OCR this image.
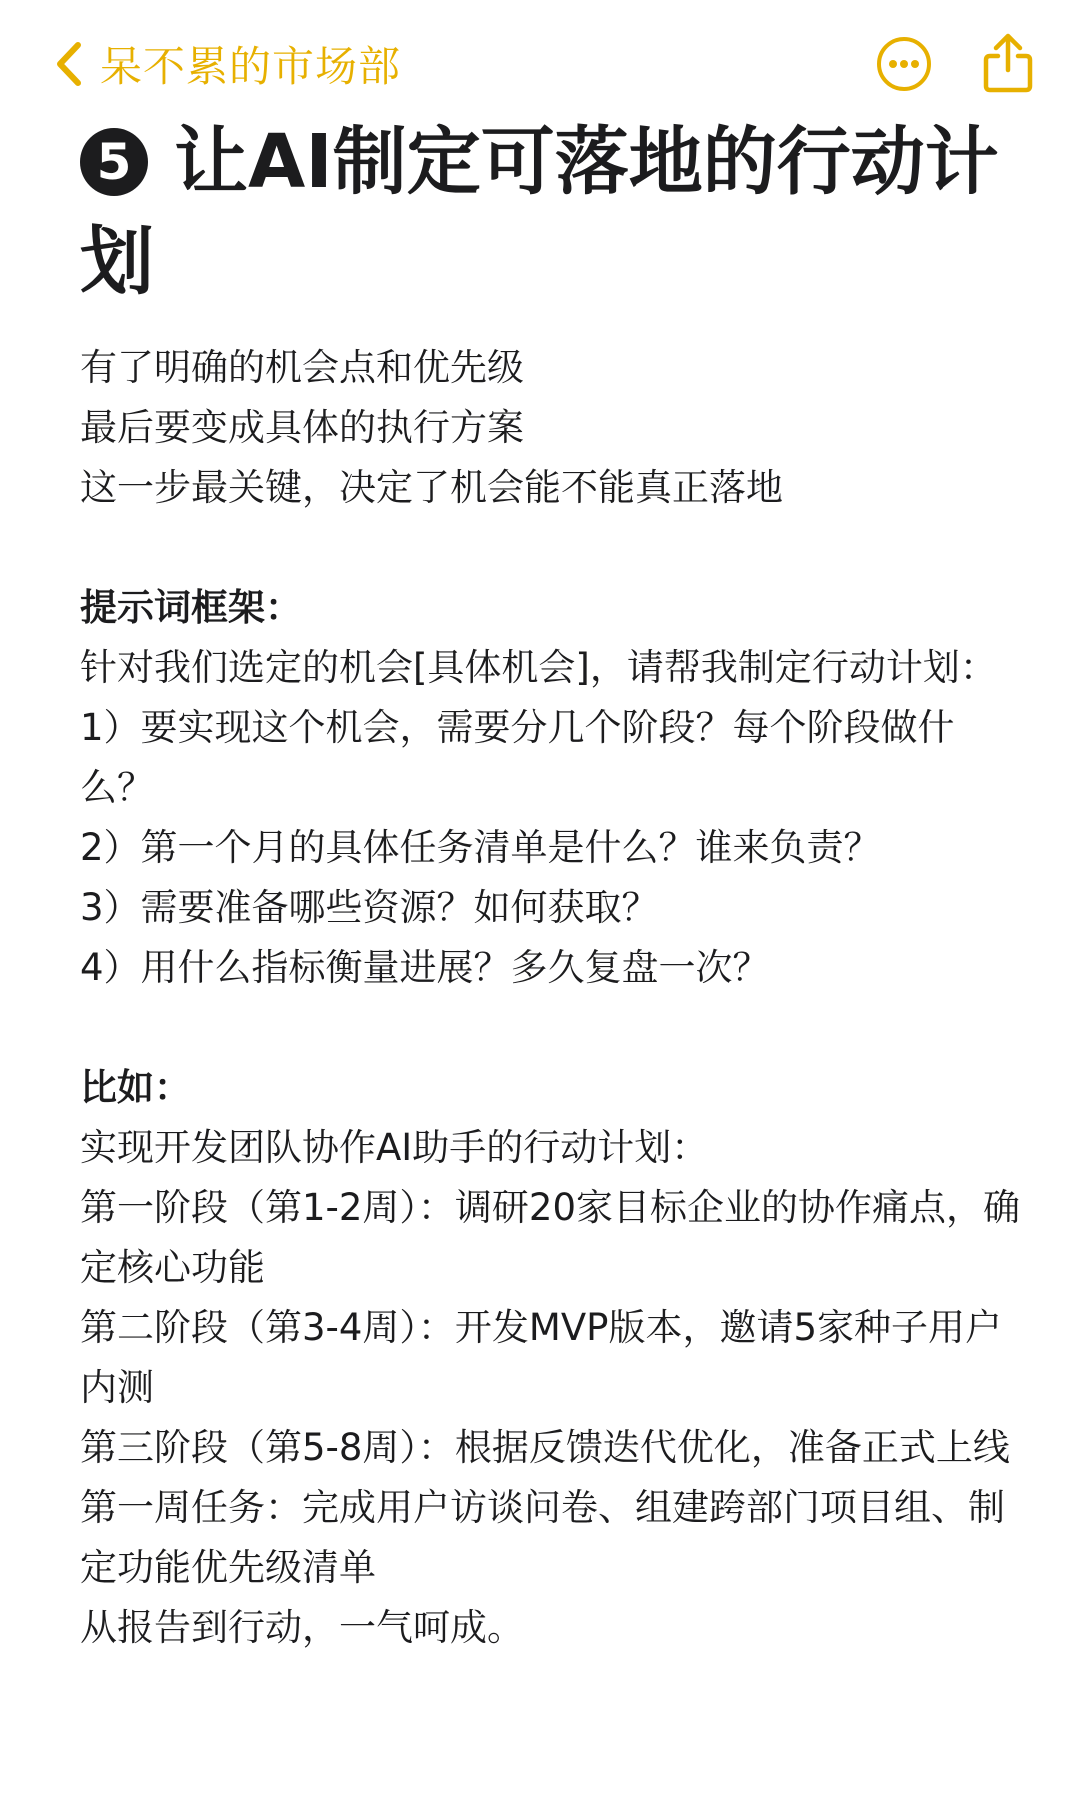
呆不累的市场部
5 让AI制定可落地的行动计划
有了明确的机会点和优先级
最后要变成具体的执行方案
这一步最关键，决定了机会能不能真正落地
提示词框架：
针对我们选定的机会[具体机会]，请帮我制定行动计划：
1）要实现这个机会，需要分几个阶段？每个阶段做什么？
2）第一个月的具体任务清单是什么？谁来负责？
3）需要准备哪些资源？如何获取？
4）用什么指标衡量进展？多久复盘一次？
比如：
实现开发团队协作AI助手的行动计划：
第一阶段（第1-2周）：调研20家目标企业的协作痛点，确定核心功能
第二阶段（第3-4周）：开发MVP版本，邀请5家种子用户内测
第三阶段（第5-8周）：根据反馈迭代优化，准备正式上线
第一周任务：完成用户访谈问卷、组建跨部门项目组、制定功能优先级清单
从报告到行动，一气呵成。
